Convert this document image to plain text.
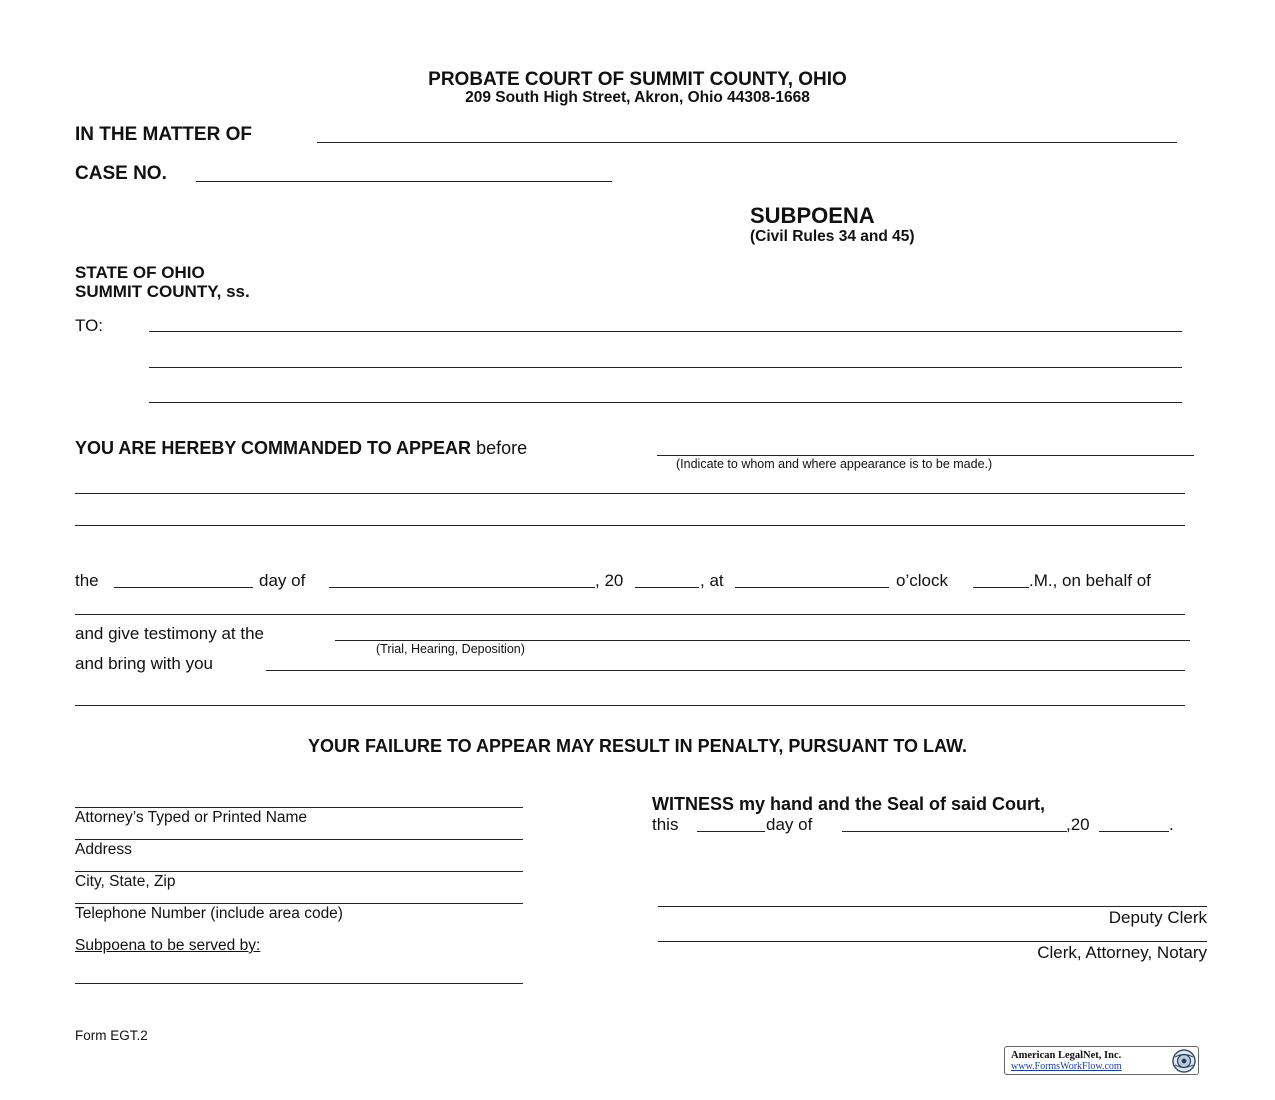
PROBATE COURT OF SUMMIT COUNTY, OHIO
209 South High Street, Akron, Ohio 44308-1668
IN THE MATTER OF
CASE NO.
SUBPOENA
(Civil Rules 34 and 45)
STATE OF OHIO
SUMMIT COUNTY, ss.
TO:
YOU ARE HEREBY COMMANDED TO APPEAR before
(Indicate to whom and where appearance is to be made.)
the	day of	, 20	, at	o’clock	.M., on behalf of
and give testimony at the
(Trial, Hearing, Deposition)
and bring with you
YOUR FAILURE TO APPEAR MAY RESULT IN PENALTY, PURSUANT TO LAW.
Attorney’s Typed or Printed Name
Address
City, State, Zip
Telephone Number (include area code)
Subpoena to be served by:
WITNESS my hand and the Seal of said Court,
this	day of	,20	.
Deputy Clerk
Clerk, Attorney, Notary
Form EGT.2
American LegalNet, Inc.
www.FormsWorkFlow.com
